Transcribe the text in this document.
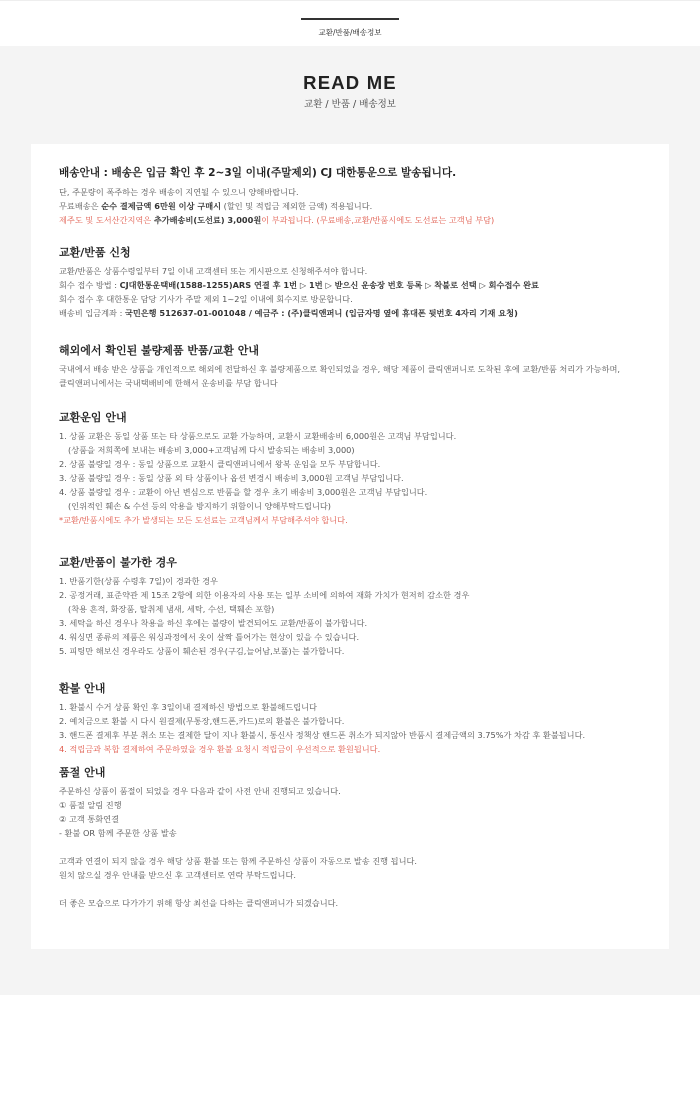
교환/반품/배송정보
READ ME
교환 / 반품 / 배송정보
배송안내 : 배송은 입금 확인 후 2~3일 이내(주말제외) CJ 대한통운으로 발송됩니다.
단, 주문량이 폭주하는 경우 배송이 지연될 수 있으니 양해바랍니다.
무료배송은 순수 결제금액 6만원 이상 구매시 (할인 및 적립금 제외한 금액) 적용됩니다.
제주도 및 도서산간지역은 추가배송비(도선료) 3,000원이 부과됩니다. (무료배송,교환/반품시에도 도선료는 고객님 부담)
교환/반품 신청
교환/반품은 상품수령일부터 7일 이내 고객센터 또는 게시판으로 신청해주셔야 합니다.
회수 접수 방법 : CJ대한통운택배(1588-1255)ARS 연결 후 1번 ▷ 1번 ▷ 받으신 운송장 번호 등록 ▷ 착불로 선택 ▷ 회수접수 완료
회수 접수 후 대한통운 담당 기사가 주말 제외 1~2일 이내에 회수지로 방문합니다.
배송비 입금계좌 : 국민은행 512637-01-001048 / 예금주 : (주)클릭앤퍼니 (입금자명 옆에 휴대폰 뒷번호 4자리 기재 요청)
해외에서 확인된 불량제품 반품/교환 안내
국내에서 배송 받은 상품을 개인적으로 해외에 전달하신 후 불량제품으로 확인되었을 경우, 해당 제품이 클릭앤퍼니로 도착된 후에 교환/반품 처리가 가능하며,
클릭앤퍼니에서는 국내택배비에 한해서 운송비를 부담 합니다
교환운임 안내
1. 상품 교환은 동일 상품 또는 타 상품으로도 교환 가능하며, 교환시 교환배송비 6,000원은 고객님 부담입니다.
(상품을 저희쪽에 보내는 배송비 3,000+고객님께 다시 발송되는 배송비 3,000)
2. 상품 불량일 경우 : 동일 상품으로 교환시 클릭앤퍼니에서 왕복 운임을 모두 부담합니다.
3. 상품 불량일 경우 : 동일 상품 외 타 상품이나 옵션 변경시 배송비 3,000원 고객님 부담입니다.
4. 상품 불량일 경우 : 교환이 아닌 변심으로 반품을 할 경우 초기 배송비 3,000원은 고객님 부담입니다.
(인위적인 훼손 & 수선 등의 악용을 방지하기 위함이니 양해부탁드립니다)
*교환/반품시에도 추가 발생되는 모든 도선료는 고객님께서 부담해주셔야 합니다.
교환/반품이 불가한 경우
1. 반품기한(상품 수령후 7일)이 경과한 경우
2. 공정거래, 표준약관 제 15조 2항에 의한 이용자의 사용 또는 일부 소비에 의하여 재화 가치가 현저히 감소한 경우
(착용 흔적, 화장품, 탈취제 냄새, 세탁, 수선, 택훼손 포함)
3. 세탁을 하신 경우나 착용을 하신 후에는 불량이 발견되어도 교환/반품이 불가합니다.
4. 워싱면 종류의 제품은 워싱과정에서 옷이 살짝 틀어가는 현상이 있을 수 있습니다.
5. 피팅만 해보신 경우라도 상품이 훼손된 경우(구김,늘어남,보풀)는 불가합니다.
환불 안내
1. 환불시 수거 상품 확인 후 3일이내 결제하신 방법으로 환불해드립니다
2. 예치금으로 환불 시 다시 원결제(무통장,핸드폰,카드)로의 환불은 불가합니다.
3. 핸드폰 결제후 부분 취소 또는 결제한 달이 지나 환불시, 통신사 정책상 핸드폰 취소가 되지않아 반품시 결제금액의 3.75%가 차감 후 환불됩니다.
4. 적립금과 복합 결제하여 주문하였을 경우 환불 요청시 적립금이 우선적으로 환원됩니다.
품절 안내
주문하신 상품이 품절이 되었을 경우 다음과 같이 사전 안내 진행되고 있습니다.
① 품절 알림 진행
② 고객 통화연결
- 환불 OR 함께 주문한 상품 발송
고객과 연결이 되지 않을 경우 해당 상품 환불 또는 함께 주문하신 상품이 자동으로 발송 진행 됩니다.
원치 않으실 경우 안내를 받으신 후 고객센터로 연락 부탁드립니다.
더 좋은 모습으로 다가가기 위해 항상 최선을 다하는 클릭앤퍼니가 되겠습니다.
